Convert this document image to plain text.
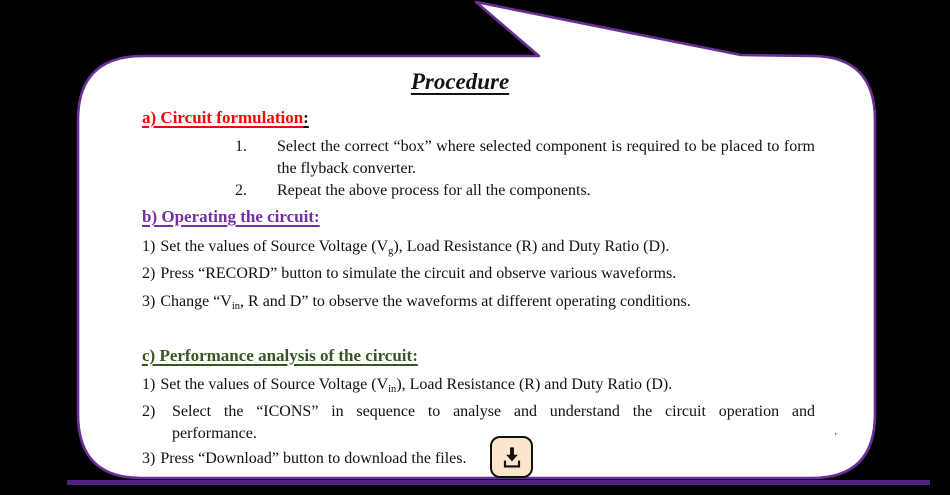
Procedure
a) Circuit formulation:
1.	Select the correct “box” where selected component is required to be placed to form
the flyback converter.
2.	Repeat the above process for all the components.
b) Operating the circuit:
1) Set the values of Source Voltage $(V_g)$, Load Resistance (R) and Duty Ratio (D).
2) Press “RECORD” button to simulate the circuit and observe various waveforms.
3) Change “$V_{in}$, R and D” to observe the waveforms at different operating conditions.
c) Performance analysis of the circuit:
1) Set the values of Source Voltage $(V_{in})$, Load Resistance (R) and Duty Ratio (D).
2)	Select the “ICONS” in sequence to analyse and understand the circuit operation and
performance.
3) Press “Download” button to download the files.
’
